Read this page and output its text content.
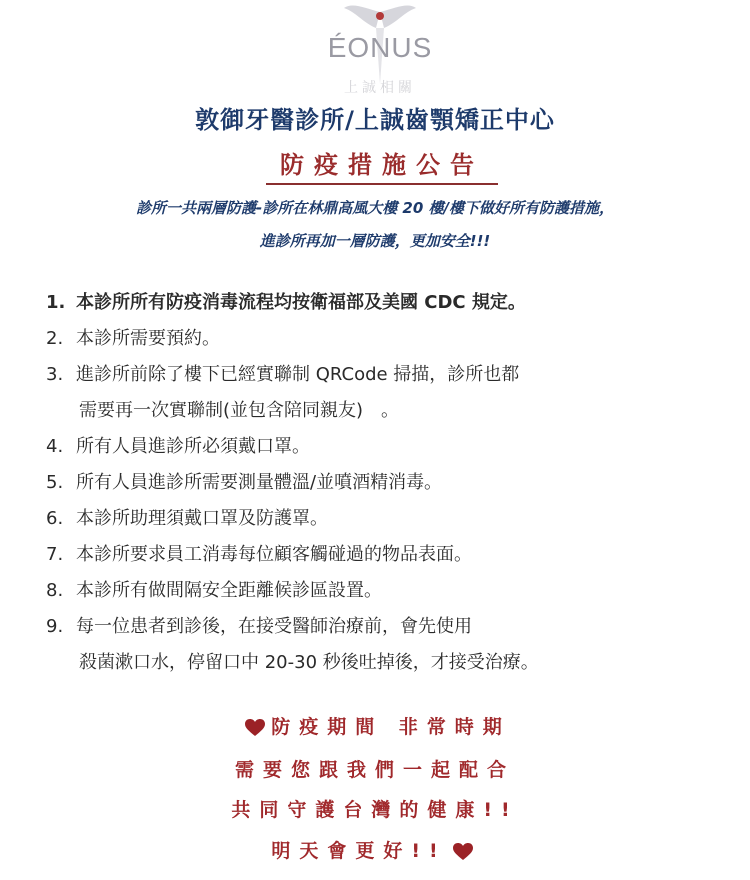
ÉONUS
上誠相關
敦御牙醫診所/上誠齒顎矯正中心
防疫措施公告
診所一共兩層防護-診所在林鼎高風大樓 20 樓/樓下做好所有防護措施，
進診所再加一層防護，更加安全!!!
1. 本診所所有防疫消毒流程均按衛福部及美國 CDC 規定。
2. 本診所需要預約。
3. 進診所前除了樓下已經實聯制 QRCode 掃描，診所也都
需要再一次實聯制(並包含陪同親友)　。
4. 所有人員進診所必須戴口罩。
5. 所有人員進診所需要測量體溫/並噴酒精消毒。
6. 本診所助理須戴口罩及防護罩。
7. 本診所要求員工消毒每位顧客觸碰過的物品表面。
8. 本診所有做間隔安全距離候診區設置。
9. 每一位患者到診後，在接受醫師治療前，會先使用
殺菌漱口水，停留口中 20-30 秒後吐掉後，才接受治療。
防疫期間 非常時期
需要您跟我們一起配合
共同守護台灣的健康!!
明天會更好!!
